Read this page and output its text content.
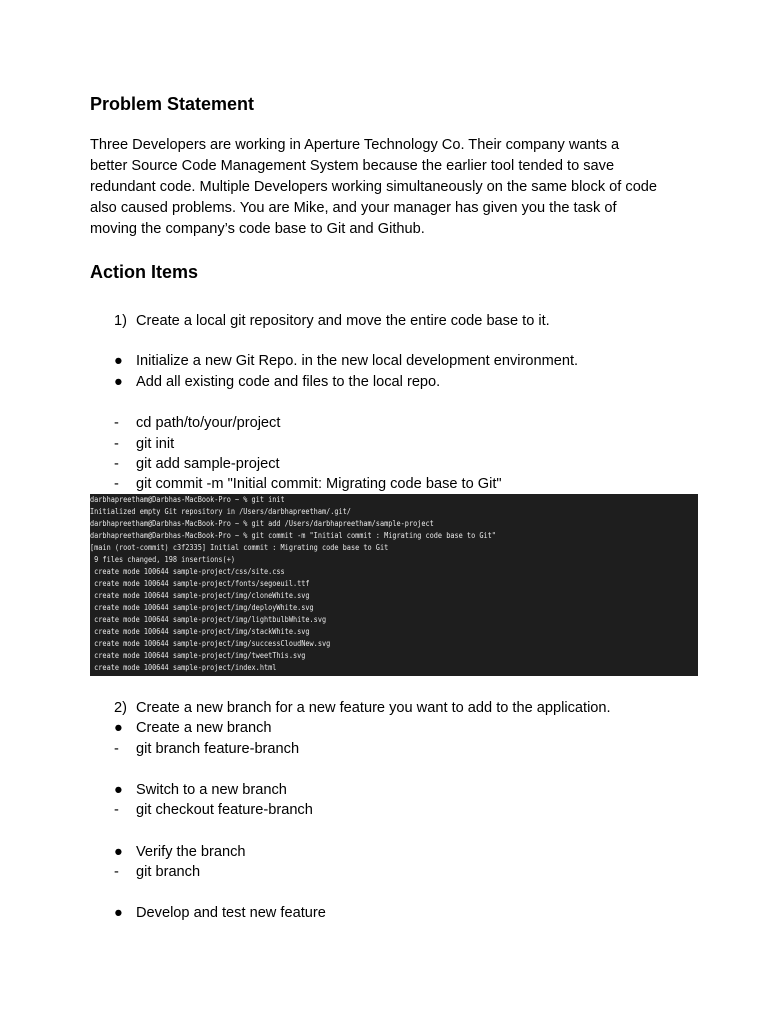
Problem Statement
Three Developers are working in Aperture Technology Co. Their company wants a
better Source Code Management System because the earlier tool tended to save
redundant code. Multiple Developers working simultaneously on the same block of code
also caused problems. You are Mike, and your manager has given you the task of
moving the company’s code base to Git and Github.
Action Items
1) Create a local git repository and move the entire code base to it.
● Initialize a new Git Repo. in the new local development environment.
● Add all existing code and files to the local repo.
- cd path/to/your/project
- git init
- git add sample-project
- git commit -m "Initial commit: Migrating code base to Git"
darbhapreetham@Darbhas-MacBook-Pro ~ % git init
Initialized empty Git repository in /Users/darbhapreetham/.git/
darbhapreetham@Darbhas-MacBook-Pro ~ % git add /Users/darbhapreetham/sample-project
darbhapreetham@Darbhas-MacBook-Pro ~ % git commit -m "Initial commit : Migrating code base to Git"
[main (root-commit) c3f2335] Initial commit : Migrating code base to Git
9 files changed, 198 insertions(+)
create mode 100644 sample-project/css/site.css
create mode 100644 sample-project/fonts/segoeuil.ttf
create mode 100644 sample-project/img/cloneWhite.svg
create mode 100644 sample-project/img/deployWhite.svg
create mode 100644 sample-project/img/lightbulbWhite.svg
create mode 100644 sample-project/img/stackWhite.svg
create mode 100644 sample-project/img/successCloudNew.svg
create mode 100644 sample-project/img/tweetThis.svg
create mode 100644 sample-project/index.html
2) Create a new branch for a new feature you want to add to the application.
● Create a new branch
- git branch feature-branch
● Switch to a new branch
- git checkout feature-branch
● Verify the branch
- git branch
● Develop and test new feature
